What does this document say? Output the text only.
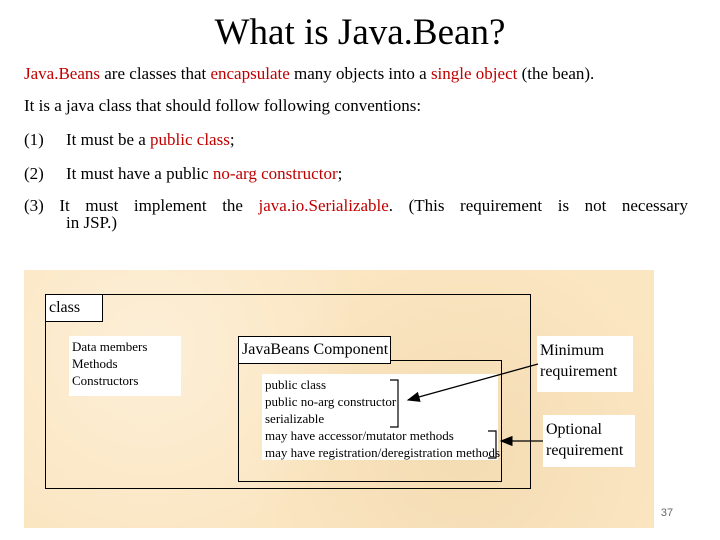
What is Java.Bean?
Java.Beans are classes that encapsulate many objects into a single object (the bean).
It is a java class that should follow following conventions:
(1) It must be a public class;
(2) It must have a public no-arg constructor;
(3) It must implement the java.io.Serializable. (This requirement is not necessary
in JSP.)
class
Data members
Methods
Constructors
JavaBeans Component
public class
public no-arg constructor
serializable
may have accessor/mutator methods
may have registration/deregistration methods
Minimum
requirement
Optional
requirement
37
